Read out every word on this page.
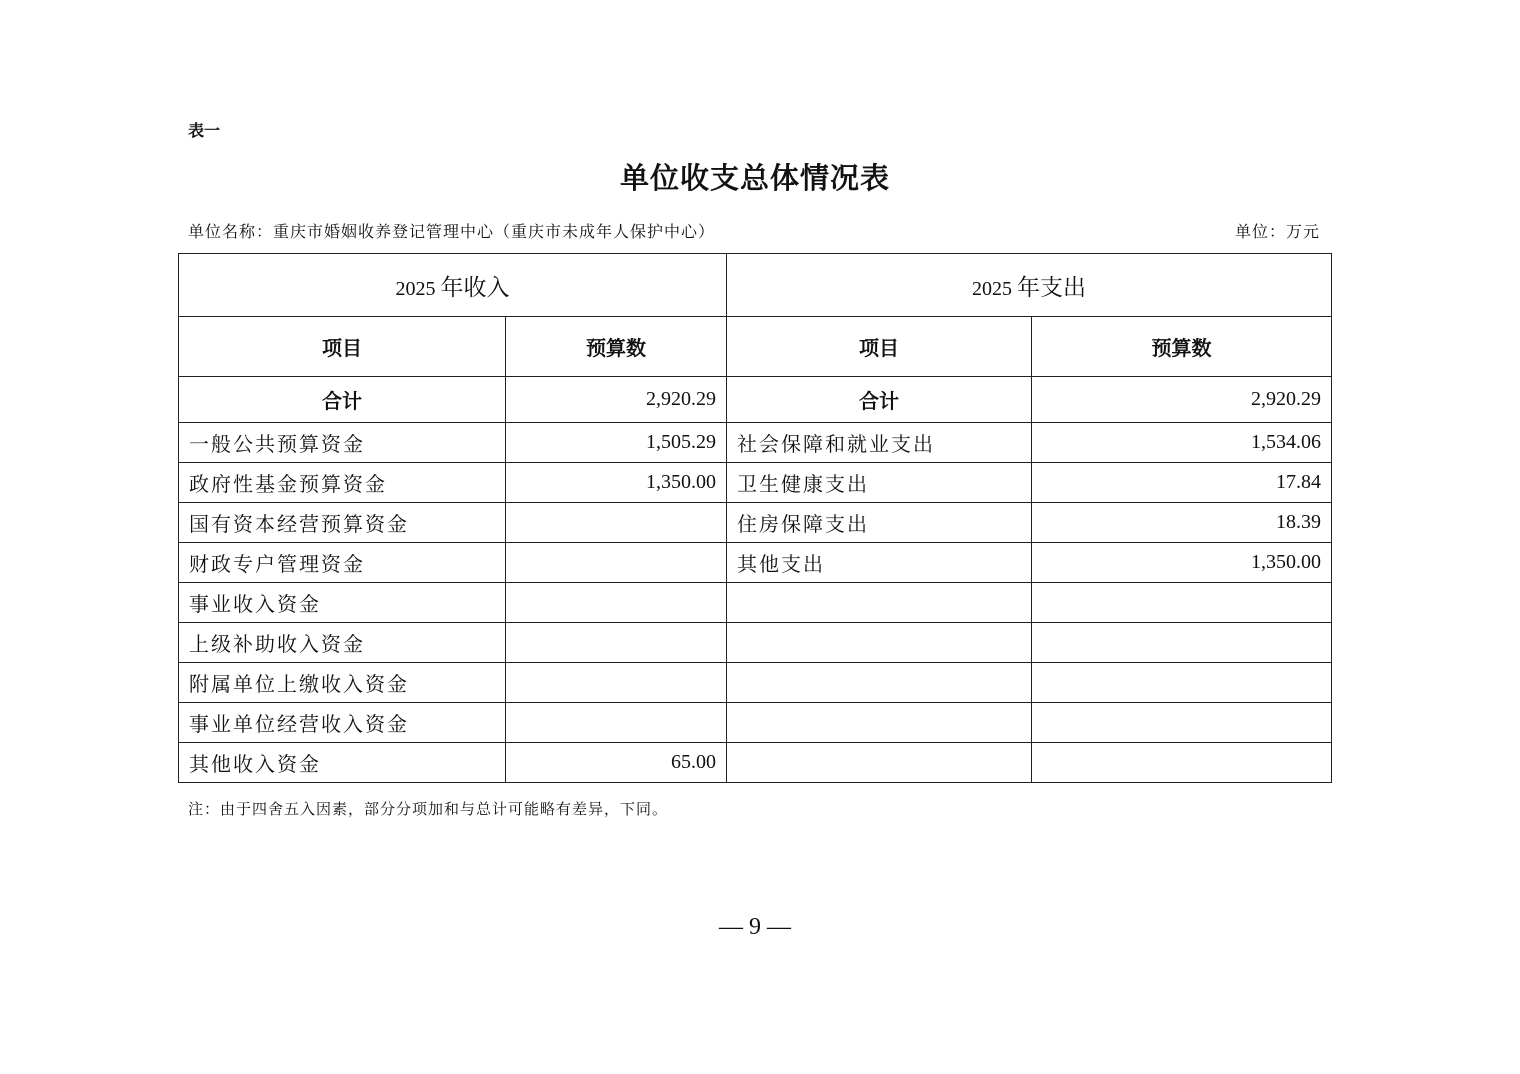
表一
单位收支总体情况表
单位名称：重庆市婚姻收养登记管理中心（重庆市未成年人保护中心）	单位：万元
2025 年收入		2025 年支出	
项目	预算数	项目	预算数
合计	2,920.29	合计	2,920.29
一般公共预算资金	1,505.29	社会保障和就业支出	1,534.06
政府性基金预算资金	1,350.00	卫生健康支出	17.84
国有资本经营预算资金		住房保障支出	18.39
财政专户管理资金		其他支出	1,350.00
事业收入资金			
上级补助收入资金			
附属单位上缴收入资金			
事业单位经营收入资金			
其他收入资金	65.00		
注：由于四舍五入因素，部分分项加和与总计可能略有差异，下同。
— 9 —
